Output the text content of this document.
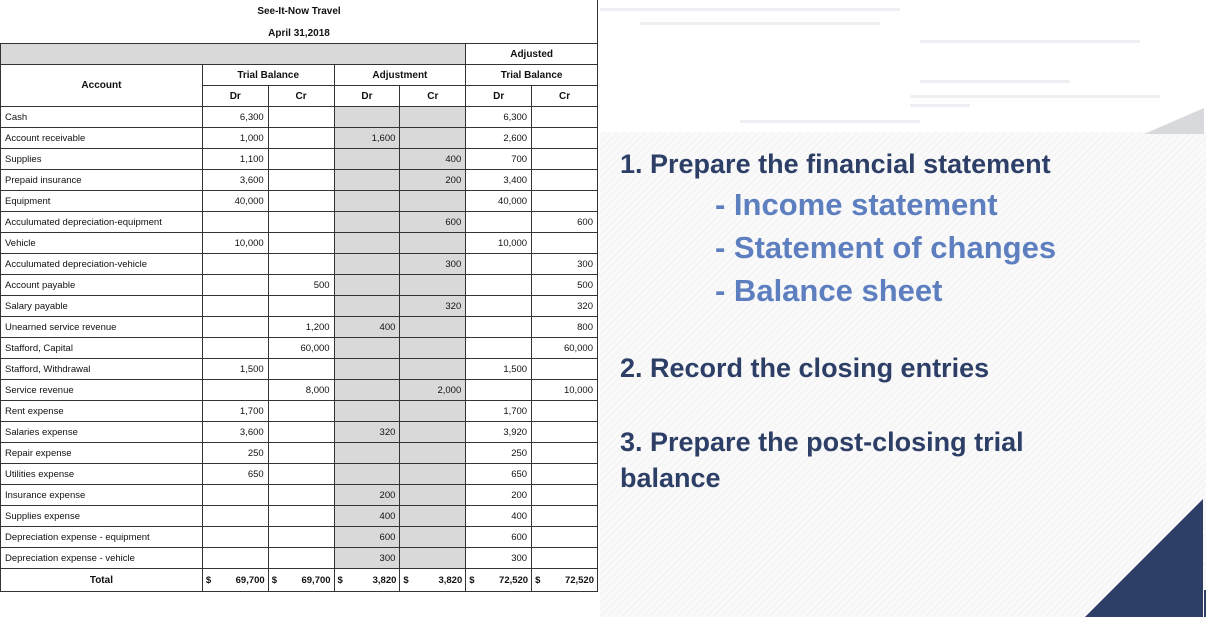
See-It-Now Travel
April 31,2018
					Adjusted	
Account	Trial Balance		Adjustment		Trial Balance	
	Dr	Cr	Dr	Cr	Dr	Cr
Cash	6,300				6,300	
Account receivable	1,000		1,600		2,600	
Supplies	1,100			400	700	
Prepaid insurance	3,600			200	3,400	
Equipment	40,000				40,000	
Acculumated depreciation-equipment				600		600
Vehicle	10,000				10,000	
Acculumated depreciation-vehicle				300		300
Account payable		500				500
Salary payable				320		320
Unearned service revenue		1,200	400			800
Stafford, Capital		60,000				60,000
Stafford, Withdrawal	1,500				1,500	
Service revenue		8,000		2,000		10,000
Rent expense	1,700				1,700	
Salaries expense	3,600		320		3,920	
Repair expense	250				250	
Utilities expense	650				650	
Insurance expense			200		200	
Supplies expense			400		400	
Depreciation expense - equipment			600		600	
Depreciation expense - vehicle			300		300	
Total	$ 69,700	$ 69,700	$ 3,820	$ 3,820	$ 72,520	$ 72,520
1. Prepare the financial statement
- Income statement
- Statement of changes
- Balance sheet
2. Record the closing entries
3. Prepare the post-closing trial
balance
